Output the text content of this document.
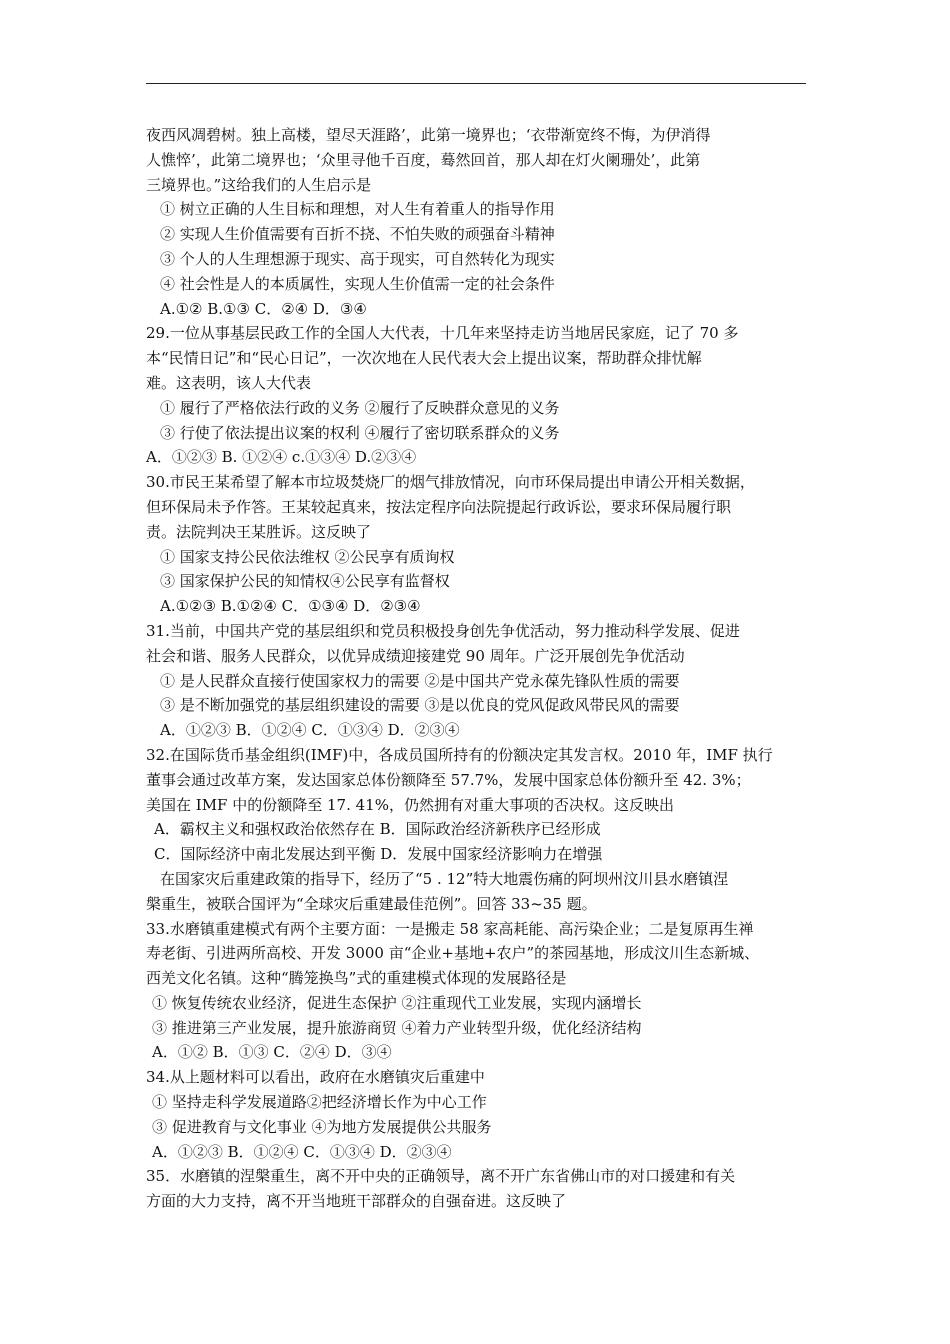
夜西风凋碧树。独上高楼，望尽天涯路’，此第一境界也；‘衣带渐宽终不悔，为伊消得
人憔悴’，此第二境界也；‘众里寻他千百度，蓦然回首，那人却在灯火阑珊处’，此第
三境界也。”这给我们的人生启示是
① 树立正确的人生目标和理想，对人生有着重人的指导作用
② 实现人生价值需要有百折不挠、不怕失败的顽强奋斗精神
③ 个人的人生理想源于现实、高于现实，可自然转化为现实
④ 社会性是人的本质属性，实现人生价值需一定的社会条件
A.①② B.①③ C．②④ D．③④
29.一位从事基层民政工作的全国人大代表，十几年来坚持走访当地居民家庭，记了 70 多
本“民情日记”和“民心日记”，一次次地在人民代表大会上提出议案，帮助群众排忧解
难。这表明，该人大代表
① 履行了严格依法行政的义务 ②履行了反映群众意见的义务
③ 行使了依法提出议案的权利 ④履行了密切联系群众的义务
A．①②③ B. ①②④ c.①③④ D.②③④
30.市民王某希望了解本市垃圾焚烧厂的烟气排放情况，向市环保局提出申请公开相关数据，
但环保局未予作答。王某较起真来，按法定程序向法院提起行政诉讼，要求环保局履行职
责。法院判决王某胜诉。这反映了
① 国家支持公民依法维权 ②公民享有质询权
③ 国家保护公民的知情权④公民享有监督权
A.①②③ B.①②④ C．①③④ D．②③④
31.当前，中国共产党的基层组织和党员积极投身创先争优活动，努力推动科学发展、促进
社会和谐、服务人民群众，以优异成绩迎接建党 90 周年。广泛开展创先争优活动
① 是人民群众直接行使国家权力的需要 ②是中国共产党永葆先锋队性质的需要
③ 是不断加强党的基层组织建设的需要 ③是以优良的党风促政风带民风的需要
A．①②③ B．①②④ C．①③④ D．②③④
32.在国际货币基金组织(IMF)中，各成员国所持有的份额决定其发言权。2010 年，IMF 执行
董事会通过改革方案，发达国家总体份额降至 57.7%，发展中国家总体份额升至 42. 3%；
美国在 IMF 中的份额降至 17. 41%，仍然拥有对重大事项的否决权。这反映出
A．霸权主义和强权政治依然存在 B．国际政治经济新秩序已经形成
C．国际经济中南北发展达到平衡 D．发展中国家经济影响力在增强
在国家灾后重建政策的指导下，经历了“5 . 12”特大地震伤痛的阿坝州汶川县水磨镇涅
槃重生，被联合国评为“全球灾后重建最佳范例”。回答 33~35 题。
33.水磨镇重建模式有两个主要方面：一是搬走 58 家高耗能、高污染企业；二是复原再生禅
寿老街、引进两所高校、开发 3000 亩“企业+基地+农户”的茶园基地，形成汶川生态新城、
西羌文化名镇。这种“腾笼换鸟”式的重建模式体现的发展路径是
① 恢复传统农业经济，促进生态保护 ②注重现代工业发展，实现内涵增长
③ 推进第三产业发展，提升旅游商贸 ④着力产业转型升级，优化经济结构
A．①② B．①③ C．②④ D．③④
34.从上题材料可以看出，政府在水磨镇灾后重建中
① 坚持走科学发展道路②把经济增长作为中心工作
③ 促进教育与文化事业 ④为地方发展提供公共服务
A．①②③ B．①②④ C．①③④ D．②③④
35．水磨镇的涅槃重生，离不开中央的正确领导，离不开广东省佛山市的对口援建和有关
方面的大力支持，离不开当地班干部群众的自强奋进。这反映了
